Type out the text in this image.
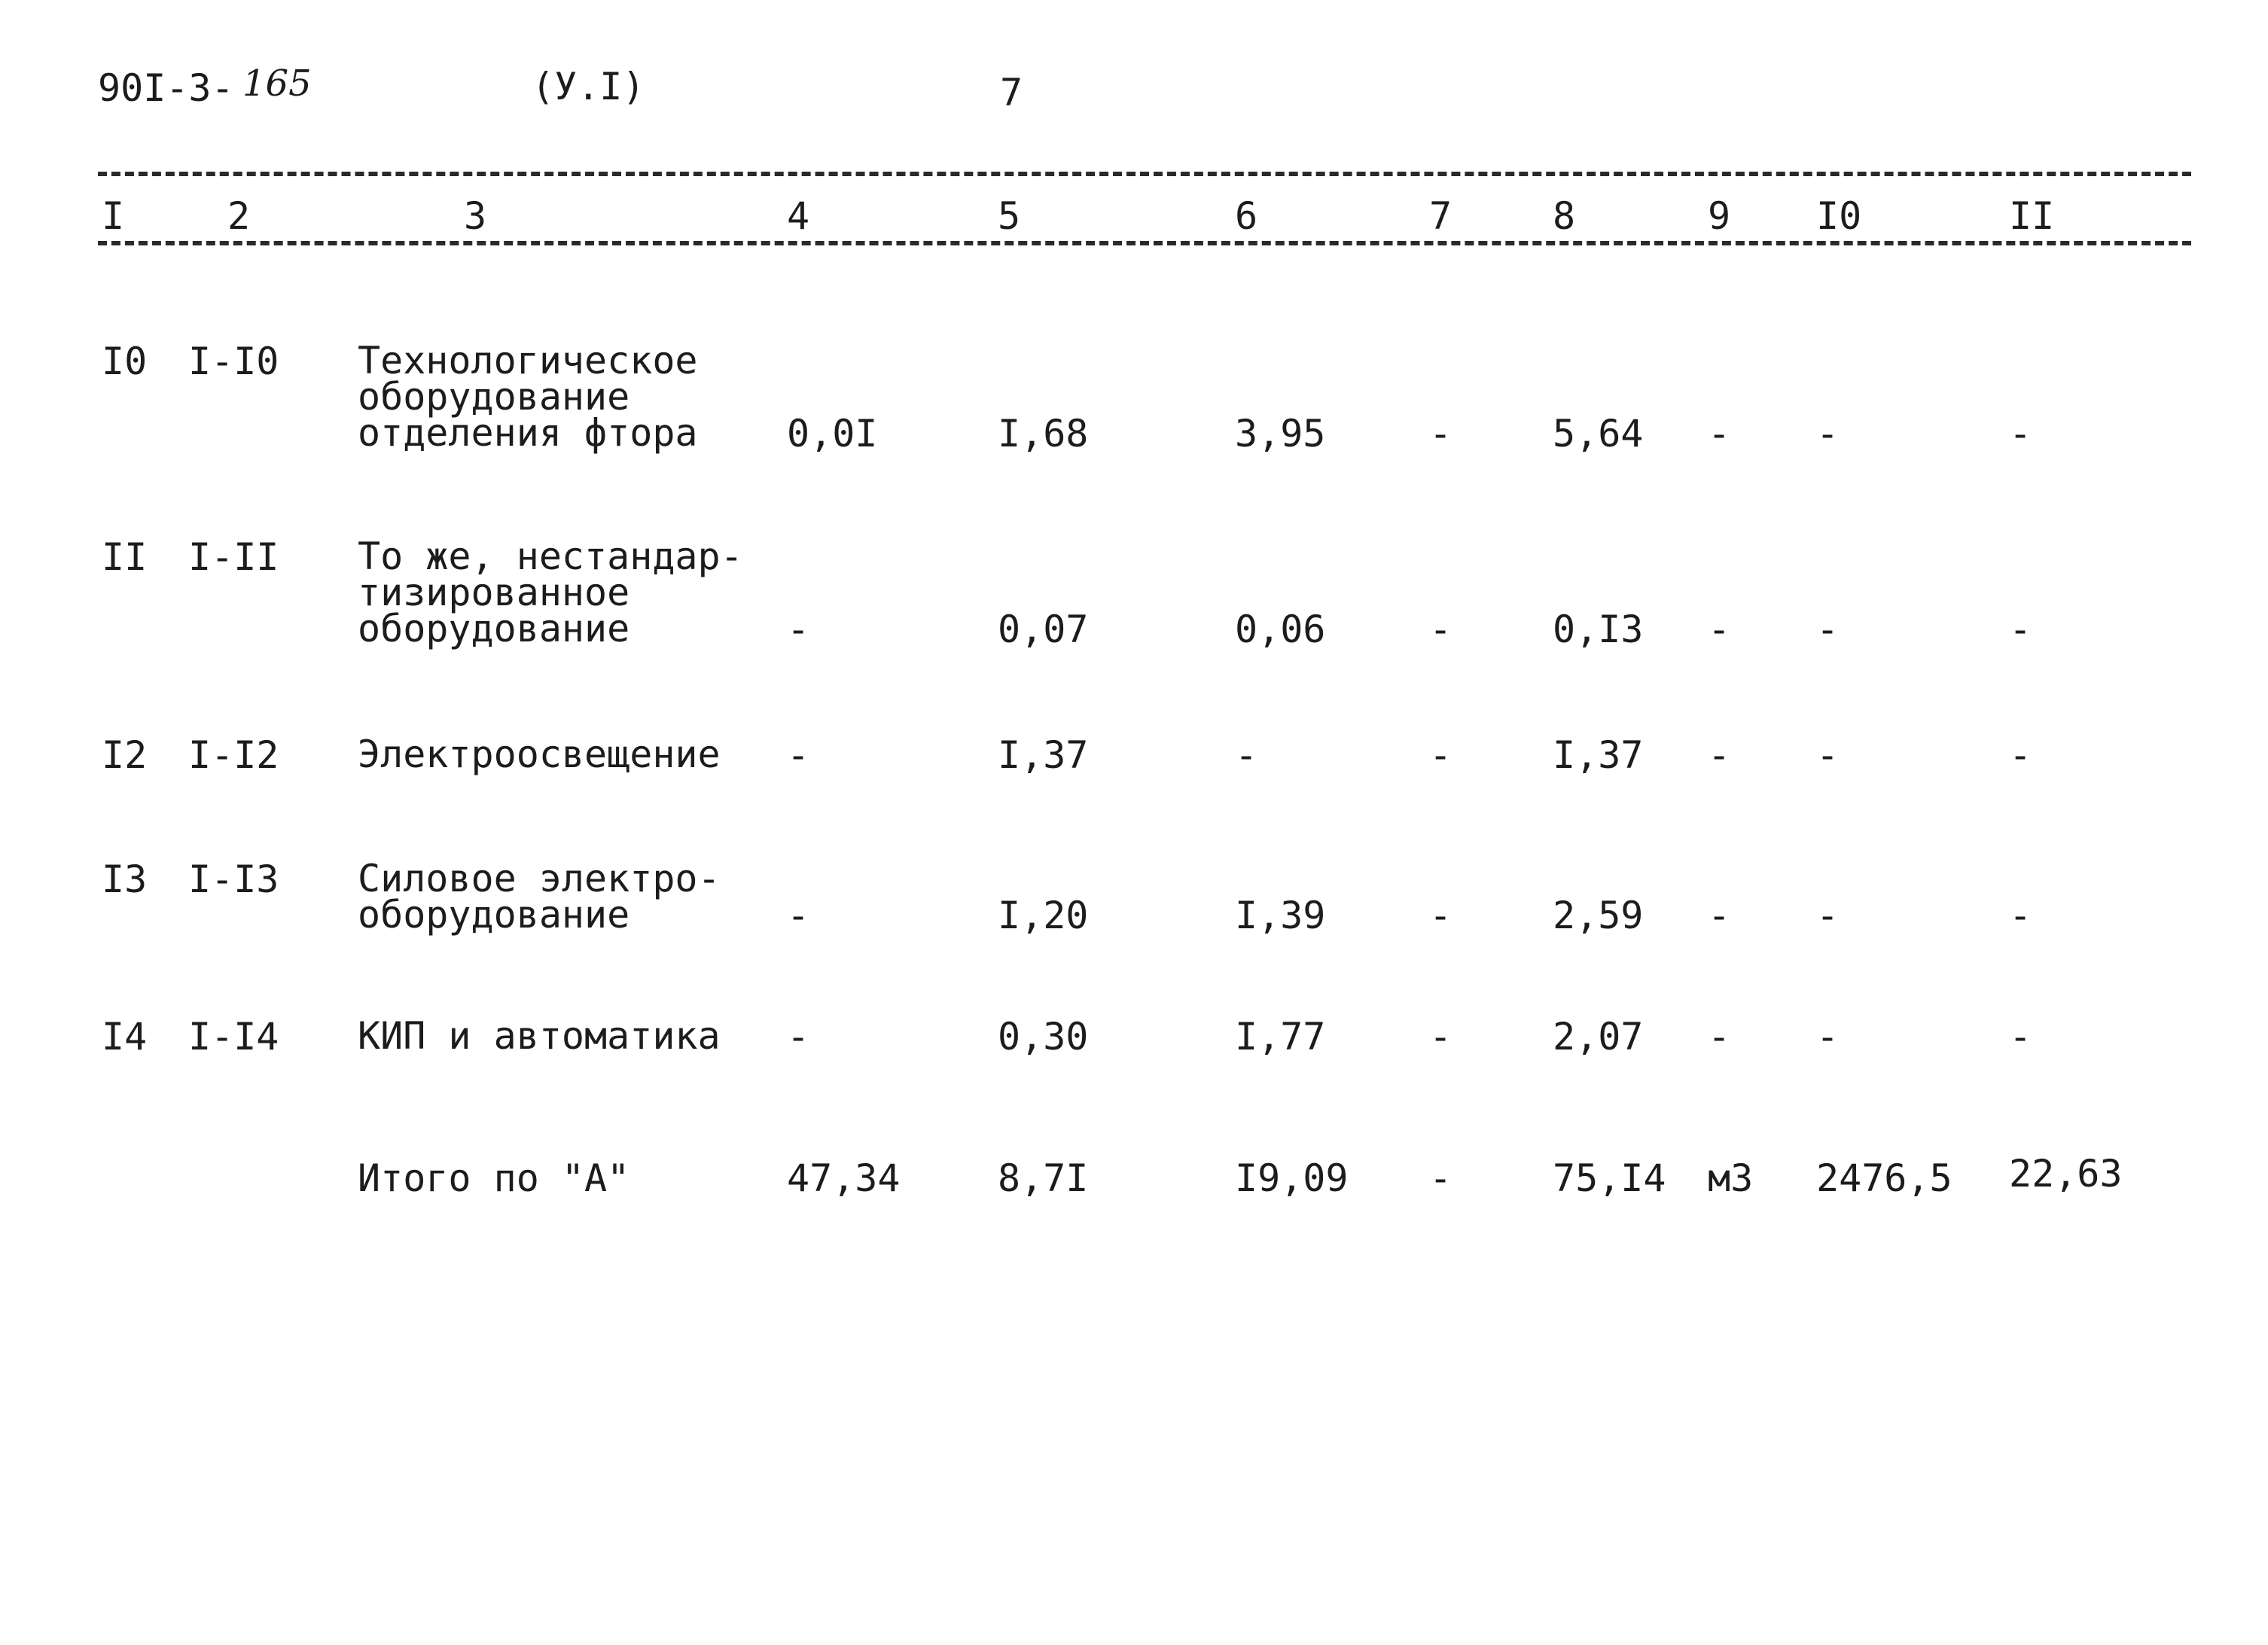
90I-3- 165	(У.I)	7
I	2	3	4	5	6	7	8	9 I0	II
I0 I-I0 Технологическое
оборудование
отделения фтора 0,0I	I,68	3,95	-	5,64 - -	-
II I-II То же, нестандар-
тизированное
оборудование	-	0,07	0,06	-	0,I3 - -	-
I2 I-I2 Электроосвещение -	I,37	-	-	I,37 - -	-
I3 I-I3 Силовое электро-
оборудование	-	I,20	I,39	-	2,59 - -	-
I4 I-I4 КИП и автоматика -	0,30	I,77	-	2,07 - -	-
Итого по "А"	47,34	8,7I	I9,09 -	75,I4 м3 2476,5 22,63
